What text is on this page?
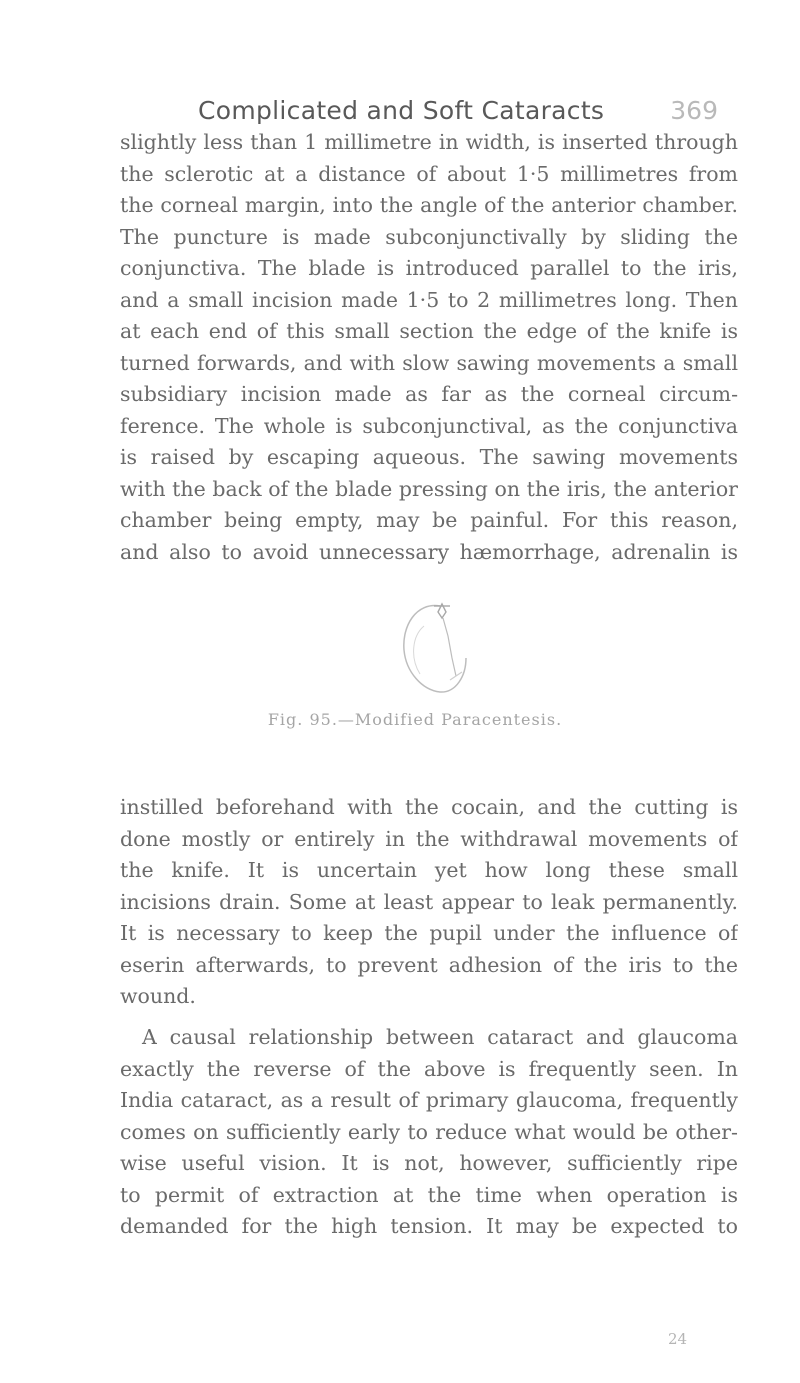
Complicated and Soft Cataracts	369
slightly less than 1 millimetre in width, is inserted through
the sclerotic at a distance of about 1·5 millimetres from
the corneal margin, into the angle of the anterior chamber.
The puncture is made subconjunctivally by sliding the
conjunctiva. The blade is introduced parallel to the iris,
and a small incision made 1·5 to 2 millimetres long. Then
at each end of this small section the edge of the knife is
turned forwards, and with slow sawing movements a small
subsidiary incision made as far as the corneal circum-
ference. The whole is subconjunctival, as the conjunctiva
is raised by escaping aqueous. The sawing movements
with the back of the blade pressing on the iris, the anterior
chamber being empty, may be painful. For this reason,
and also to avoid unnecessary hæmorrhage, adrenalin is
Fig. 95.—Modified Paracentesis.
instilled beforehand with the cocain, and the cutting is
done mostly or entirely in the withdrawal movements of
the knife. It is uncertain yet how long these small
incisions drain. Some at least appear to leak permanently.
It is necessary to keep the pupil under the influence of
eserin afterwards, to prevent adhesion of the iris to the
wound.
A causal relationship between cataract and glaucoma
exactly the reverse of the above is frequently seen. In
India cataract, as a result of primary glaucoma, frequently
comes on sufficiently early to reduce what would be other-
wise useful vision. It is not, however, sufficiently ripe
to permit of extraction at the time when operation is
demanded for the high tension. It may be expected to
24
